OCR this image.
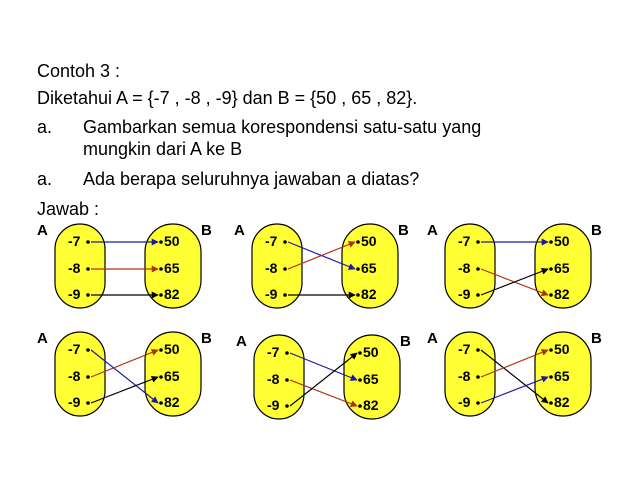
Contoh 3 :
Diketahui A = {-7 , -8 , -9} dan B = {50 , 65 , 82}.
a. Gambarkan semua korespondensi satu-satu yang
mungkin dari A ke B
a. Ada berapa seluruhnya jawaban a diatas?
Jawab :
A	B
-7	50
-8	65
-9	82
A	B
-7	50
-8	65
-9	82
A	B
-7	50
-8	65
-9	82
A	B
-7	50
-8	65
-9	82
A	B
-7	50
-8	65
-9	82
A	B
-7	50
-8	65
-9	82
